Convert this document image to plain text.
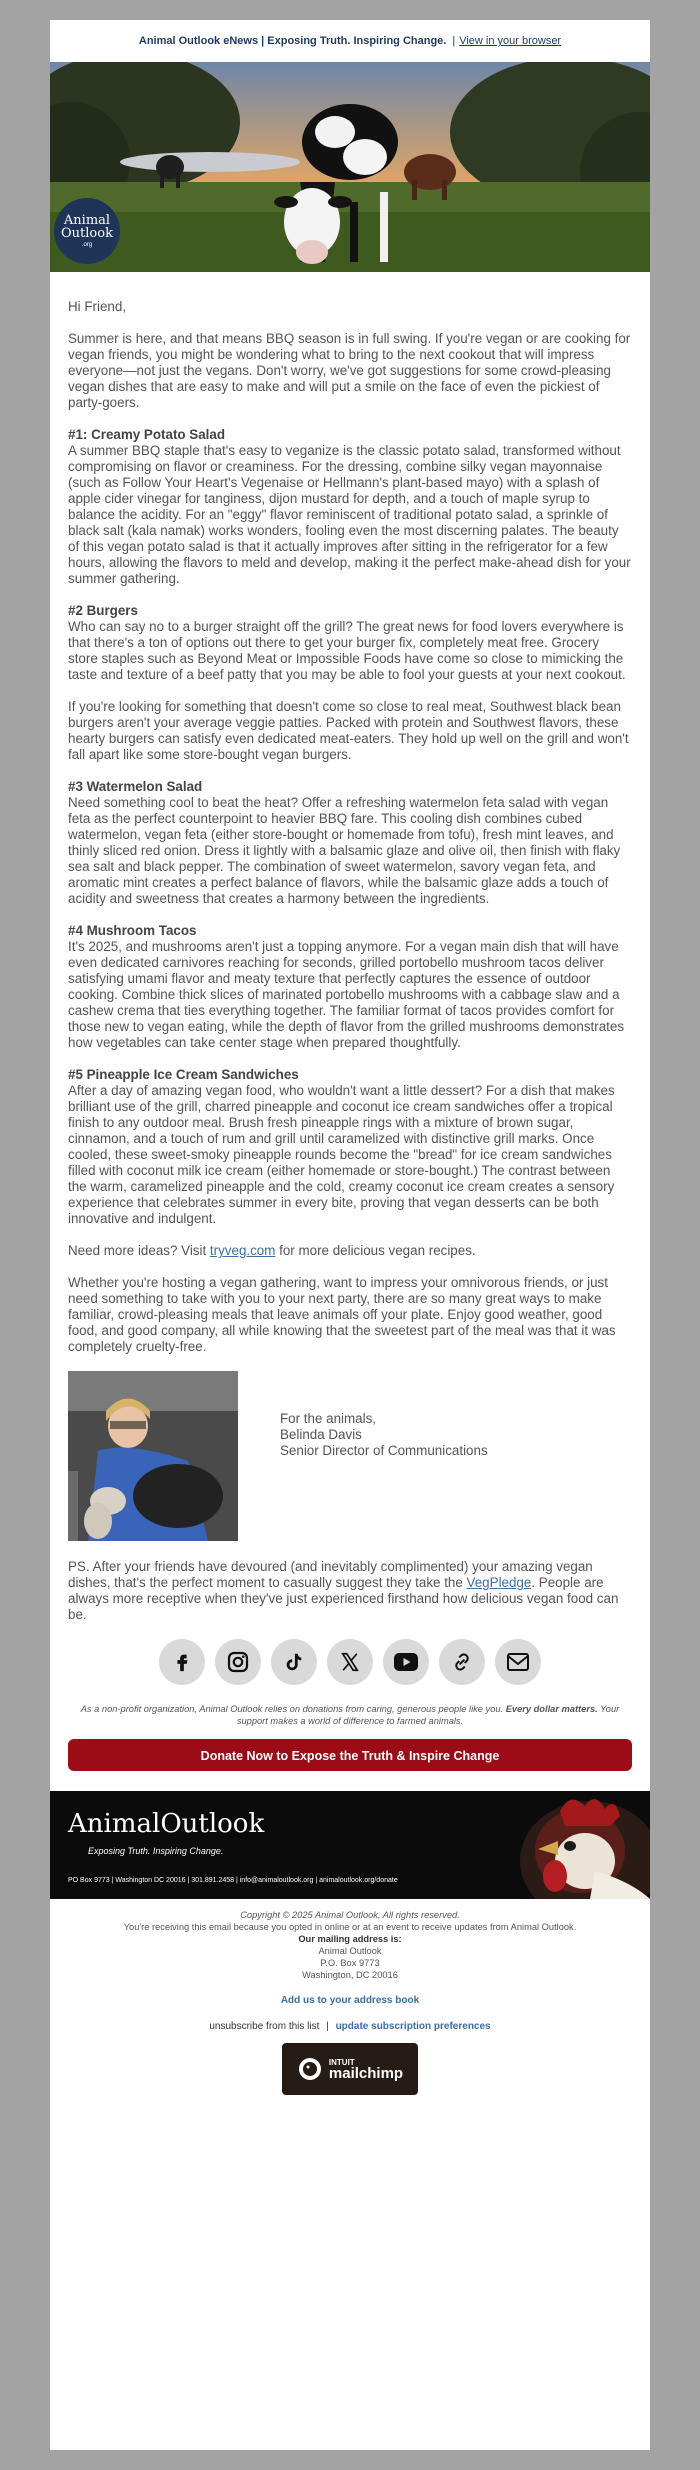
Animal Outlook eNews | Exposing Truth. Inspiring Change. | View in your browser
Animal
Outlook
.org

Hi Friend,

Summer is here, and that means BBQ season is in full swing. If you're vegan or are cooking for vegan friends, you might be wondering what to bring to the next cookout that will impress everyone—not just the vegans. Don't worry, we've got suggestions for some crowd-pleasing vegan dishes that are easy to make and will put a smile on the face of even the pickiest of party-goers.

#1: Creamy Potato Salad

A summer BBQ staple that's easy to veganize is the classic potato salad, transformed without compromising on flavor or creaminess. For the dressing, combine silky vegan mayonnaise (such as Follow Your Heart's Vegenaise or Hellmann's plant-based mayo) with a splash of apple cider vinegar for tanginess, dijon mustard for depth, and a touch of maple syrup to balance the acidity. For an "eggy" flavor reminiscent of traditional potato salad, a sprinkle of black salt (kala namak) works wonders, fooling even the most discerning palates. The beauty of this vegan potato salad is that it actually improves after sitting in the refrigerator for a few hours, allowing the flavors to meld and develop, making it the perfect make-ahead dish for your summer gathering.

#2 Burgers

Who can say no to a burger straight off the grill? The great news for food lovers everywhere is that there's a ton of options out there to get your burger fix, completely meat free. Grocery store staples such as Beyond Meat or Impossible Foods have come so close to mimicking the taste and texture of a beef patty that you may be able to fool your guests at your next cookout.

If you're looking for something that doesn't come so close to real meat, Southwest black bean burgers aren't your average veggie patties. Packed with protein and Southwest flavors, these hearty burgers can satisfy even dedicated meat-eaters. They hold up well on the grill and won't fall apart like some store-bought vegan burgers.

#3 Watermelon Salad

Need something cool to beat the heat? Offer a refreshing watermelon feta salad with vegan feta as the perfect counterpoint to heavier BBQ fare. This cooling dish combines cubed watermelon, vegan feta (either store-bought or homemade from tofu), fresh mint leaves, and thinly sliced red onion. Dress it lightly with a balsamic glaze and olive oil, then finish with flaky sea salt and black pepper. The combination of sweet watermelon, savory vegan feta, and aromatic mint creates a perfect balance of flavors, while the balsamic glaze adds a touch of acidity and sweetness that creates a harmony between the ingredients.

#4 Mushroom Tacos

It's 2025, and mushrooms aren't just a topping anymore. For a vegan main dish that will have even dedicated carnivores reaching for seconds, grilled portobello mushroom tacos deliver satisfying umami flavor and meaty texture that perfectly captures the essence of outdoor cooking. Combine thick slices of marinated portobello mushrooms with a cabbage slaw and a cashew crema that ties everything together. The familiar format of tacos provides comfort for those new to vegan eating, while the depth of flavor from the grilled mushrooms demonstrates how vegetables can take center stage when prepared thoughtfully.

#5 Pineapple Ice Cream Sandwiches

After a day of amazing vegan food, who wouldn't want a little dessert? For a dish that makes brilliant use of the grill, charred pineapple and coconut ice cream sandwiches offer a tropical finish to any outdoor meal. Brush fresh pineapple rings with a mixture of brown sugar, cinnamon, and a touch of rum and grill until caramelized with distinctive grill marks. Once cooled, these sweet-smoky pineapple rounds become the "bread" for ice cream sandwiches filled with coconut milk ice cream (either homemade or store-bought.) The contrast between the warm, caramelized pineapple and the cold, creamy coconut ice cream creates a sensory experience that celebrates summer in every bite, proving that vegan desserts can be both innovative and indulgent.

Need more ideas? Visit tryveg.com for more delicious vegan recipes.

Whether you're hosting a vegan gathering, want to impress your omnivorous friends, or just need something to take with you to your next party, there are so many great ways to make familiar, crowd-pleasing meals that leave animals off your plate. Enjoy good weather, good food, and good company, all while knowing that the sweetest part of the meal was that it was completely cruelty-free.

For the animals,
Belinda Davis
Senior Director of Communications

PS. After your friends have devoured (and inevitably complimented) your amazing vegan dishes, that's the perfect moment to casually suggest they take the VegPledge. People are always more receptive when they've just experienced firsthand how delicious vegan food can be.

As a non-profit organization, Animal Outlook relies on donations from caring, generous people like you. Every dollar matters. Your support makes a world of difference to farmed animals.

Donate Now to Expose the Truth & Inspire Change
AnimalOutlook
Exposing Truth. Inspiring Change.
PO Box 9773 | Washington DC 20016 | 301.891.2458 | info@animaloutlook.org | animaloutlook.org/donate
Copyright © 2025 Animal Outlook, All rights reserved.
You're receiving this email because you opted in online or at an event to receive updates from Animal Outlook.
Our mailing address is:
Animal Outlook
P.O. Box 9773
Washington, DC 20016
Add us to your address book
unsubscribe from this list | update subscription preferences
INTUIT
mailchimp
